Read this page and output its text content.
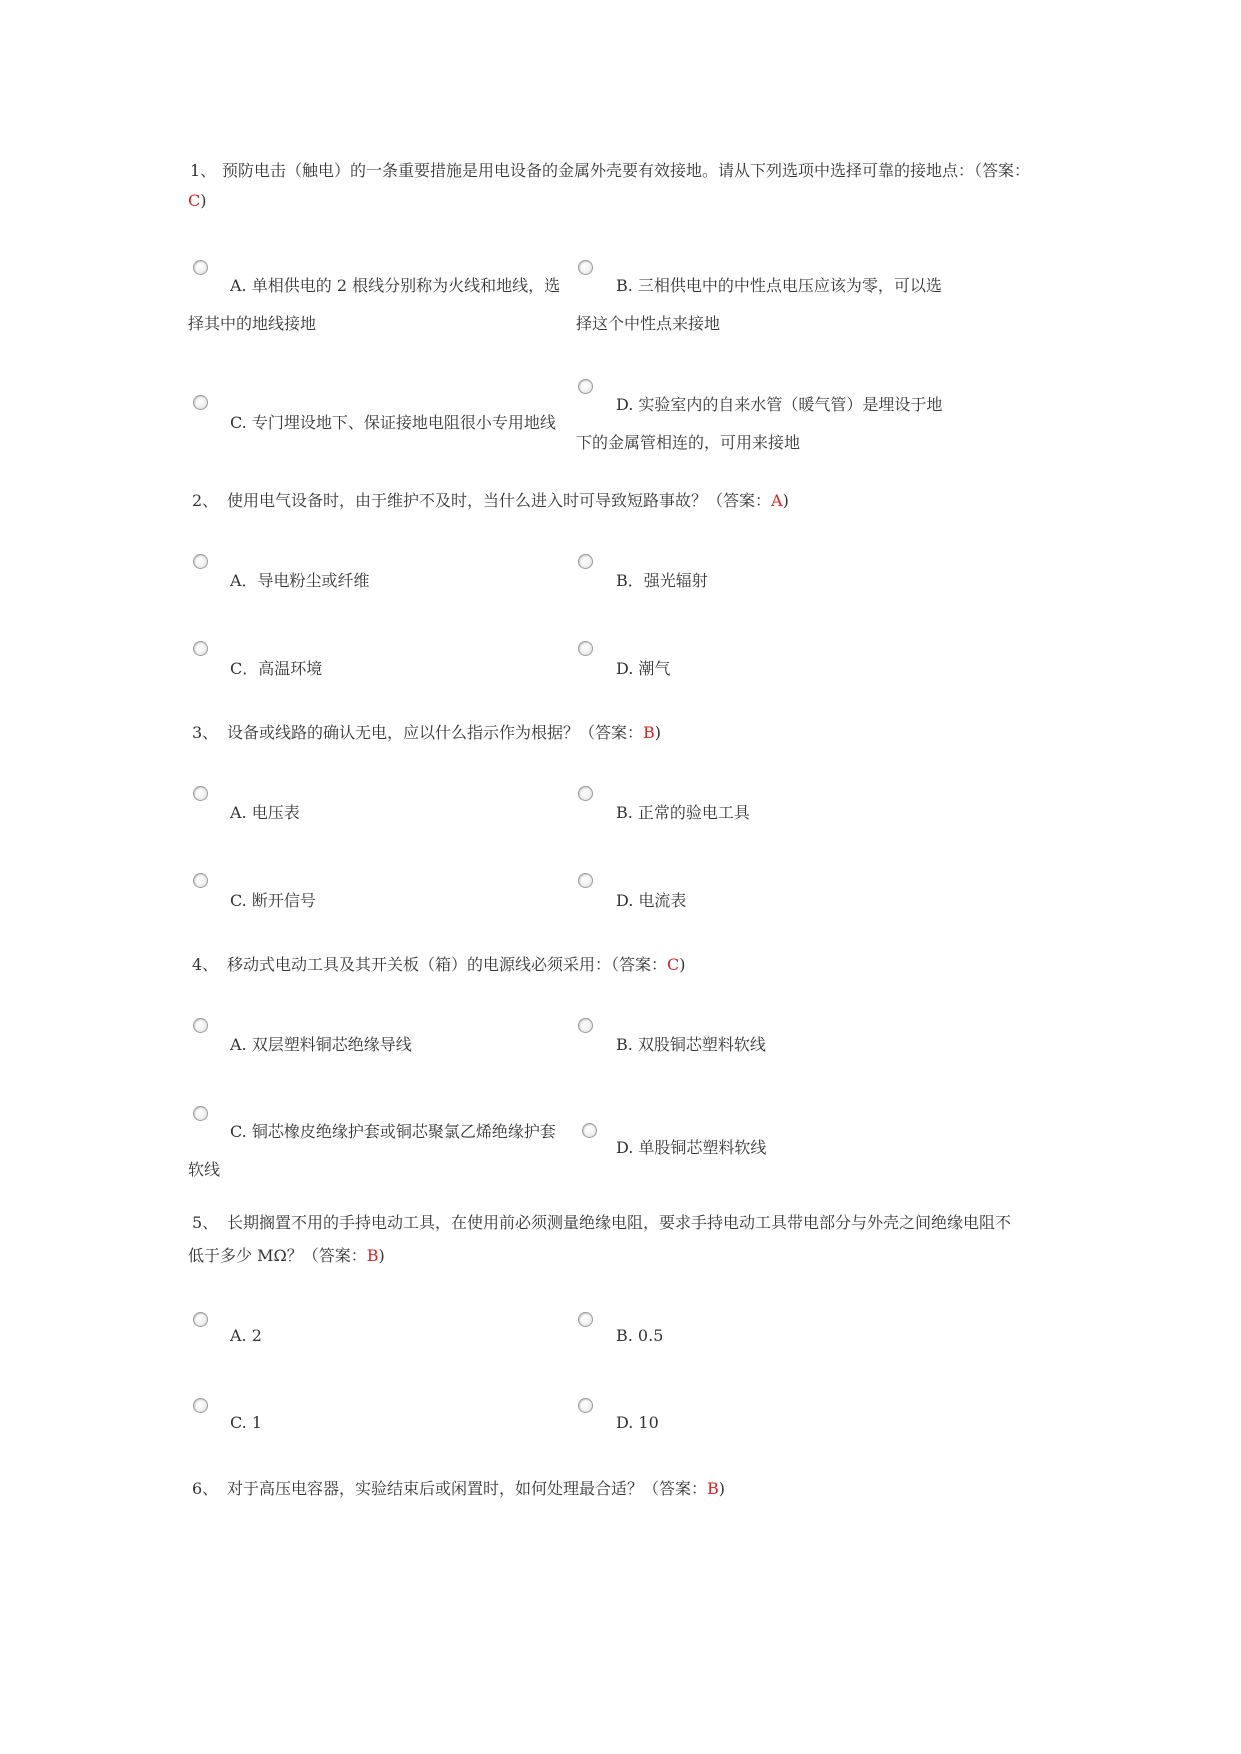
1、 预防电击（触电）的一条重要措施是用电设备的金属外壳要有效接地。请从下列选项中选择可靠的接地点：（答案：
C)
A. 单相供电的 2 根线分别称为火线和地线，选
择其中的地线接地
B. 三相供电中的中性点电压应该为零，可以选
择这个中性点来接地
C. 专门埋设地下、保证接地电阻很小专用地线
D. 实验室内的自来水管（暖气管）是埋设于地
下的金属管相连的，可用来接地
2、 使用电气设备时，由于维护不及时，当什么进入时可导致短路事故？（答案：A)
A．导电粉尘或纤维	B．强光辐射
C．高温环境	D. 潮气
3、 设备或线路的确认无电，应以什么指示作为根据？（答案：B)
A. 电压表	B. 正常的验电工具
C. 断开信号	D. 电流表
4、 移动式电动工具及其开关板（箱）的电源线必须采用：（答案：C)
A. 双层塑料铜芯绝缘导线	B. 双股铜芯塑料软线
C. 铜芯橡皮绝缘护套或铜芯聚氯乙烯绝缘护套
软线
D. 单股铜芯塑料软线
5、 长期搁置不用的手持电动工具，在使用前必须测量绝缘电阻，要求手持电动工具带电部分与外壳之间绝缘电阻不
低于多少 MΩ？（答案：B)
A. 2	B. 0.5
C. 1	D. 10
6、 对于高压电容器，实验结束后或闲置时，如何处理最合适？（答案：B)
